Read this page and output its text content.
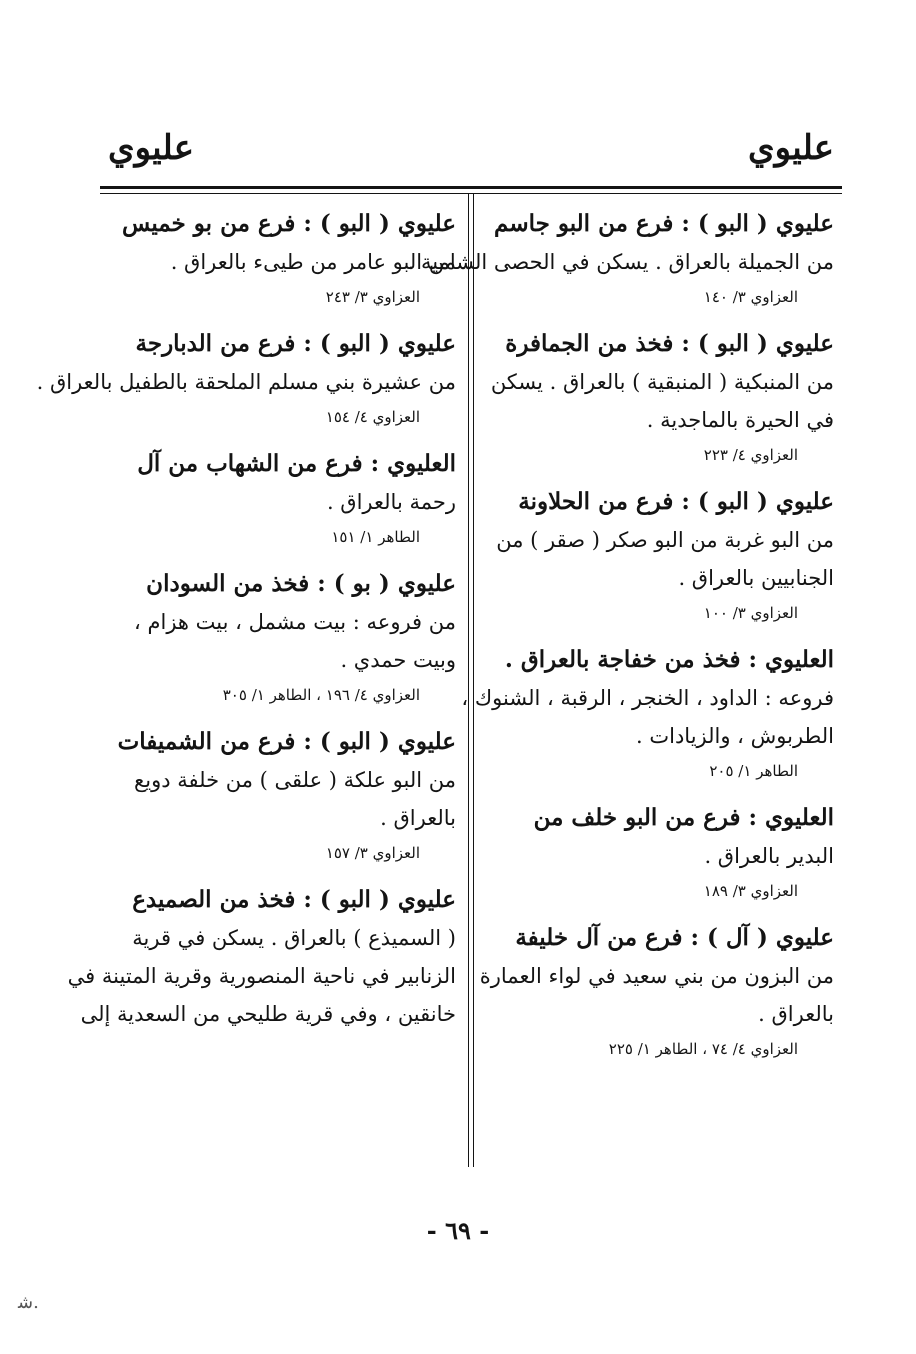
عليوي
عليوي
عليوي ( البو ) : فرع من البو جاسم
من الجميلة بالعراق . يسكن في الحصى الشامية .
العزاوي ٣/ ١٤٠
عليوي ( البو ) : فخذ من الجمافرة
من المنبكية ( المنبقية ) بالعراق . يسكن
في الحيرة بالماجدية .
العزاوي ٤/ ٢٢٣
عليوي ( البو ) : فرع من الحلاونة
من البو غربة من البو صكر ( صقر ) من
الجنابيين بالعراق .
العزاوي ٣/ ١٠٠
العليوي : فخذ من خفاجة بالعراق .
فروعه : الداود ، الخنجر ، الرقبة ، الشنوك ،
الطربوش ، والزيادات .
الطاهر ١/ ٢٠٥
العليوي : فرع من البو خلف من
البدير بالعراق .
العزاوي ٣/ ١٨٩
عليوي ( آل ) : فرع من آل خليفة
من البزون من بني سعيد في لواء العمارة
بالعراق .
العزاوي ٤/ ٧٤ ، الطاهر ١/ ٢٢٥
عليوي ( البو ) : فرع من بو خميس
من البو عامر من طيىء بالعراق .
العزاوي ٣/ ٢٤٣
عليوي ( البو ) : فرع من الدبارجة
من عشيرة بني مسلم الملحقة بالطفيل بالعراق .
العزاوي ٤/ ١٥٤
العليوي : فرع من الشهاب من آل
رحمة بالعراق .
الطاهر ١/ ١٥١
عليوي ( بو ) : فخذ من السودان
من فروعه : بيت مشمل ، بيت هزام ،
وبيت حمدي .
العزاوي ٤/ ١٩٦ ، الطاهر ١/ ٣٠٥
عليوي ( البو ) : فرع من الشميفات
من البو علكة ( علقى ) من خلفة دويع
بالعراق .
العزاوي ٣/ ١٥٧
عليوي ( البو ) : فخذ من الصميدع
( السميذع ) بالعراق . يسكن في قرية
الزنابير في ناحية المنصورية وقرية المتينة في
خانقين ، وفي قرية طليحي من السعدية إلى
- ٦٩ -
ﺷ.
